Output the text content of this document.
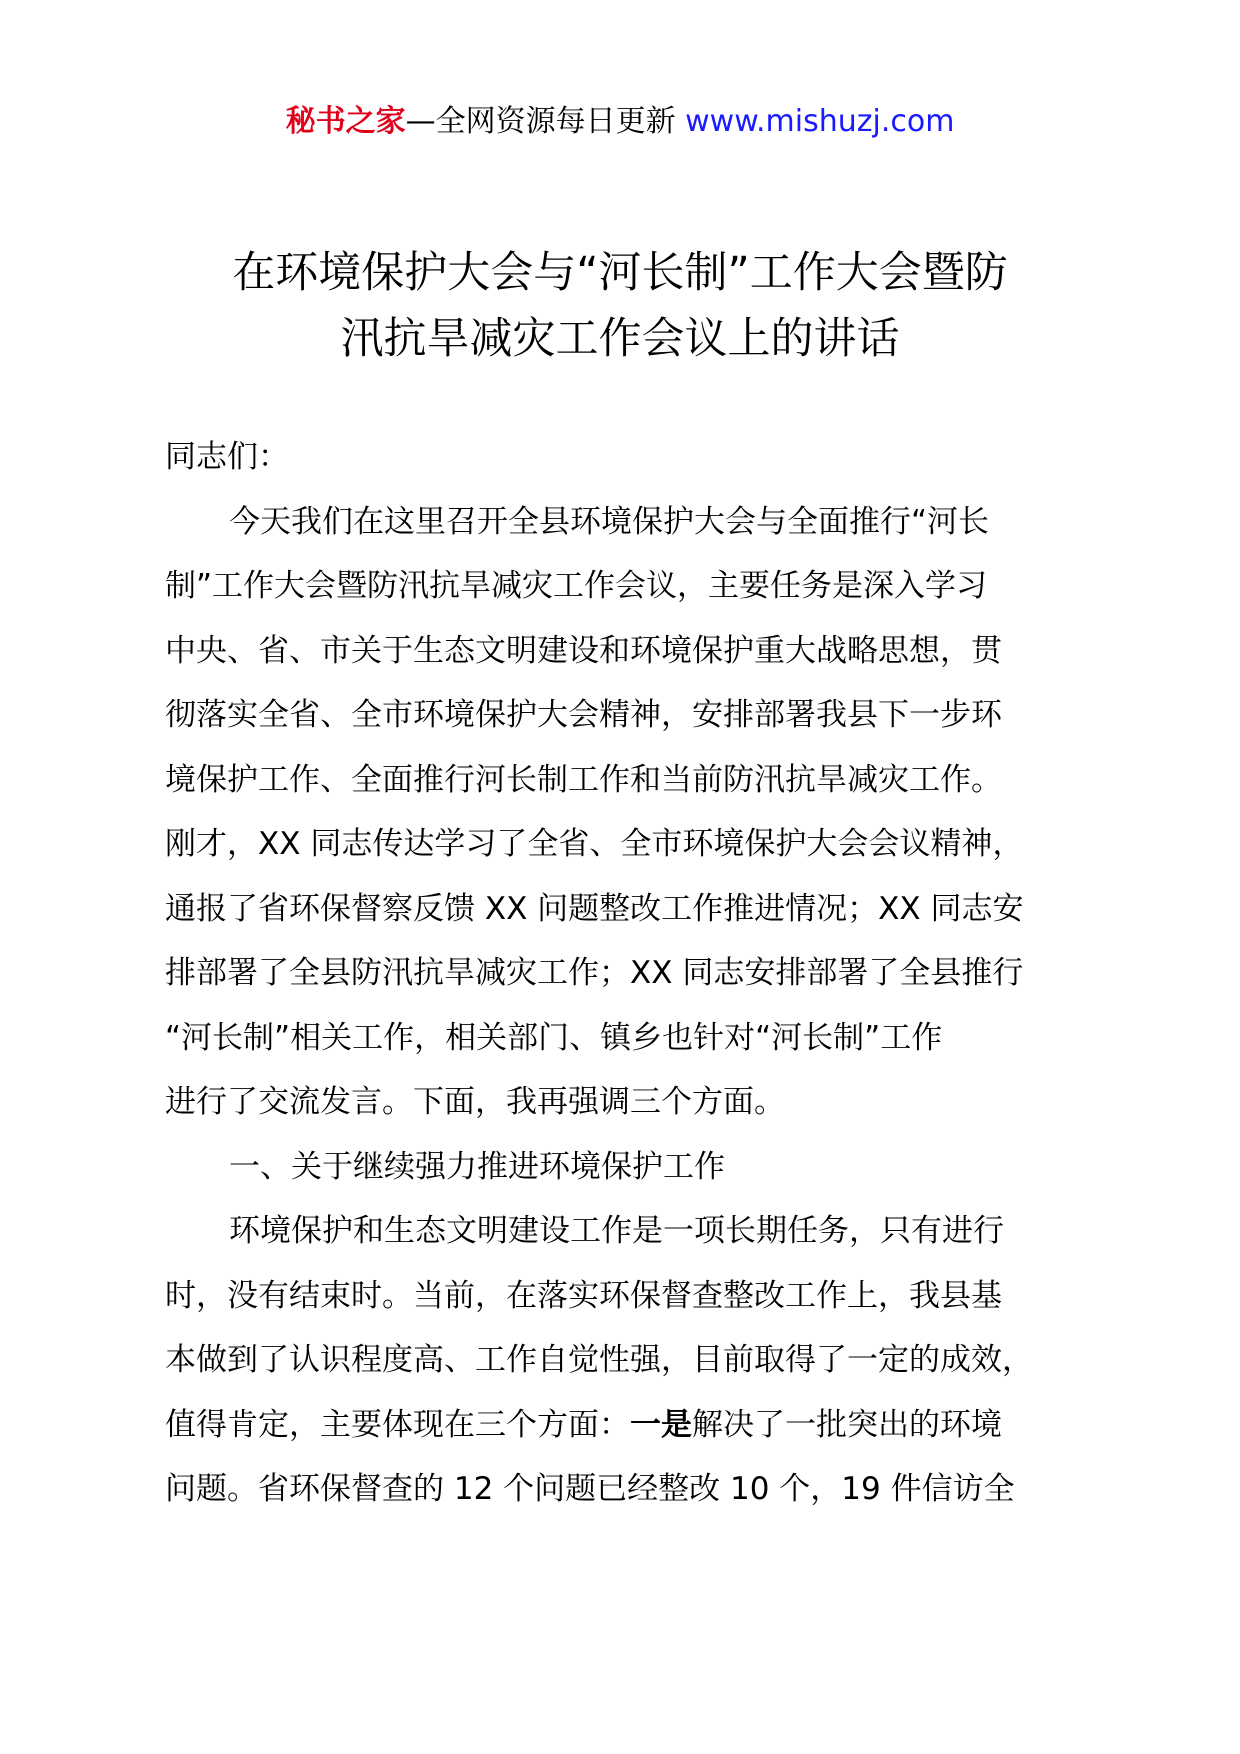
秘书之家—全网资源每日更新 www.mishuzj.com
在环境保护大会与“河长制”工作大会暨防
汛抗旱减灾工作会议上的讲话
同志们：
今天我们在这里召开全县环境保护大会与全面推行“河长
制”工作大会暨防汛抗旱减灾工作会议，主要任务是深入学习
中央、省、市关于生态文明建设和环境保护重大战略思想，贯
彻落实全省、全市环境保护大会精神，安排部署我县下一步环
境保护工作、全面推行河长制工作和当前防汛抗旱减灾工作。
刚才，XX 同志传达学习了全省、全市环境保护大会会议精神，
通报了省环保督察反馈 XX 问题整改工作推进情况；XX 同志安
排部署了全县防汛抗旱减灾工作；XX 同志安排部署了全县推行
“河长制”相关工作，相关部门、镇乡也针对“河长制”工作
进行了交流发言。下面，我再强调三个方面。
一、关于继续强力推进环境保护工作
环境保护和生态文明建设工作是一项长期任务，只有进行
时，没有结束时。当前，在落实环保督查整改工作上，我县基
本做到了认识程度高、工作自觉性强，目前取得了一定的成效，
值得肯定，主要体现在三个方面：一是解决了一批突出的环境
问题。省环保督查的 12 个问题已经整改 10 个，19 件信访全
